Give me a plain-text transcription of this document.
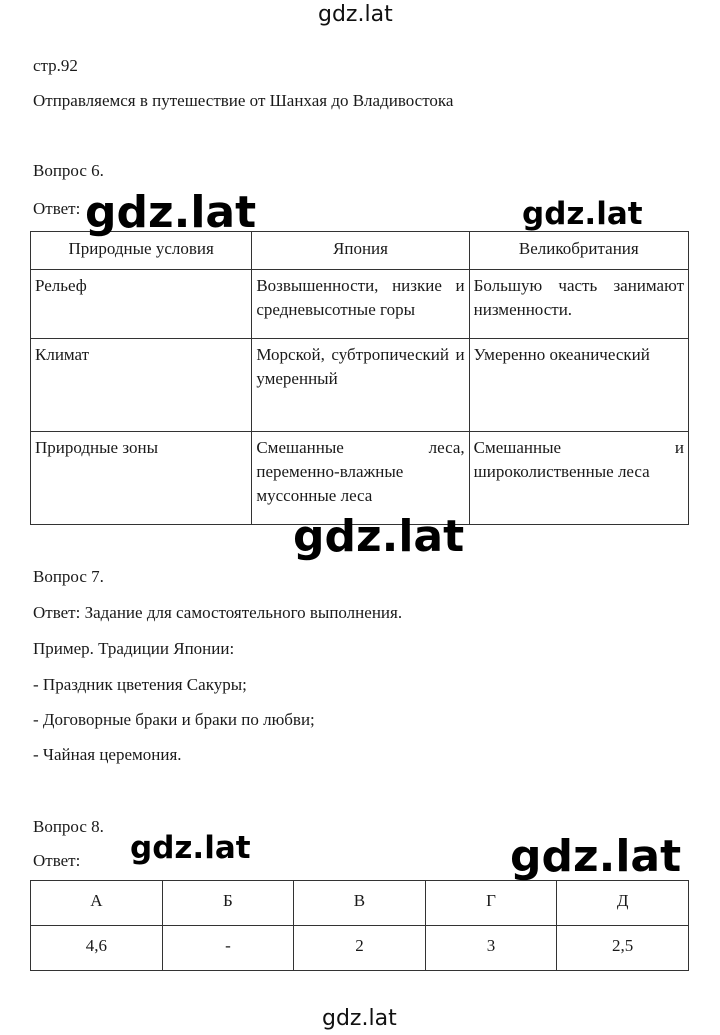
gdz.lat
стр.92
Отправляемся в путешествие от Шанхая до Владивостока
Вопрос 6.
Ответ:
Природные условия	Япония	Великобритания
Рельеф	Возвышенности, низкие и средневысотные горы	Большую часть занимают низменности.
Климат	Морской, субтропический и умеренный	Умеренно океанический
Природные зоны	Смешанные леса, переменно-влажные муссонные леса	Смешанные и широколиственные леса
Вопрос 7.
Ответ: Задание для самостоятельного выполнения.
Пример. Традиции Японии:
- Праздник цветения Сакуры;
- Договорные браки и браки по любви;
- Чайная церемония.
Вопрос 8.
Ответ:
А	Б	В	Г	Д
4,6	-	2	3	2,5
gdz.lat	gdz.lat
gdz.lat
gdz.lat	gdz.lat
gdz.lat
